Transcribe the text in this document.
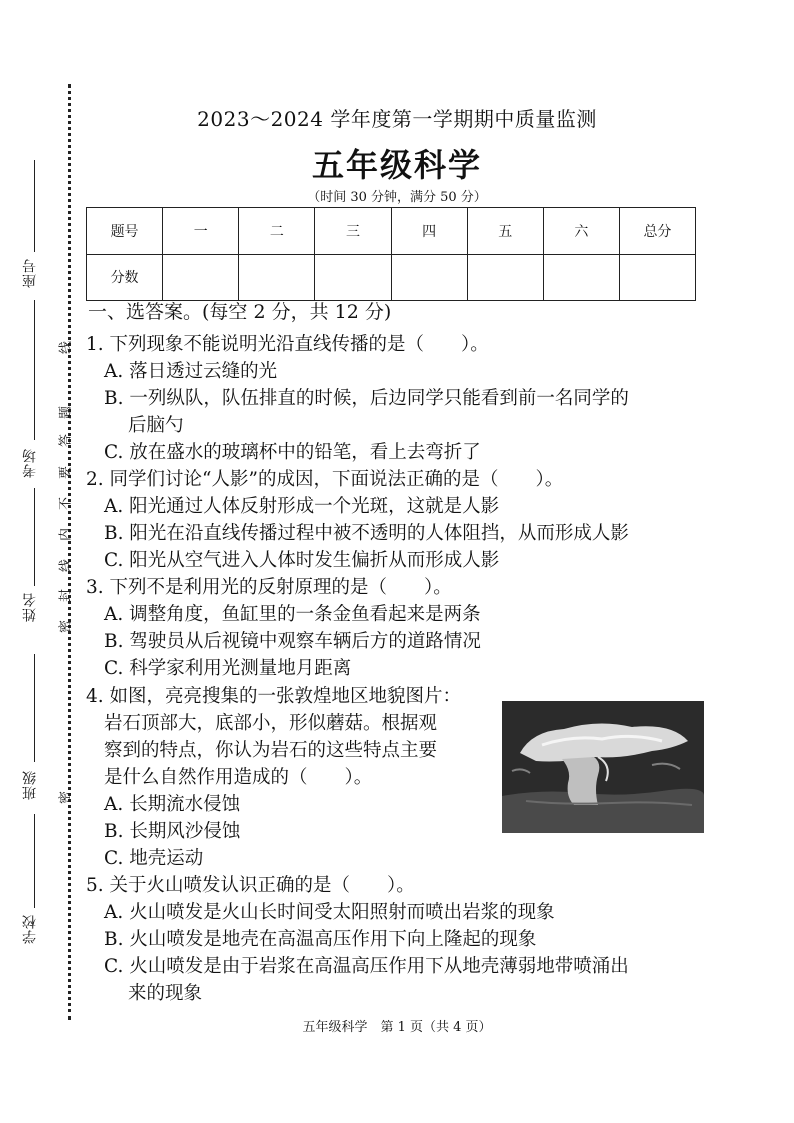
座号
考场
姓名
班级
学校
线
题
答
要
不
内
线
封
密
密
2023～2024 学年度第一学期期中质量监测
五年级科学
（时间 30 分钟，满分 50 分）
题号	一	二	三	四	五	六	总分
分数							
一、选答案。(每空 2 分，共 12 分)
1. 下列现象不能说明光沿直线传播的是（　　）。
A. 落日透过云缝的光
B. 一列纵队，队伍排直的时候，后边同学只能看到前一名同学的
后脑勺
C. 放在盛水的玻璃杯中的铅笔，看上去弯折了
2. 同学们讨论“人影”的成因，下面说法正确的是（　　）。
A. 阳光通过人体反射形成一个光斑，这就是人影
B. 阳光在沿直线传播过程中被不透明的人体阻挡，从而形成人影
C. 阳光从空气进入人体时发生偏折从而形成人影
3. 下列不是利用光的反射原理的是（　　）。
A. 调整角度，鱼缸里的一条金鱼看起来是两条
B. 驾驶员从后视镜中观察车辆后方的道路情况
C. 科学家利用光测量地月距离
4. 如图，亮亮搜集的一张敦煌地区地貌图片：
岩石顶部大，底部小，形似蘑菇。根据观
察到的特点，你认为岩石的这些特点主要
是什么自然作用造成的（　　）。
A. 长期流水侵蚀
B. 长期风沙侵蚀
C. 地壳运动
5. 关于火山喷发认识正确的是（　　）。
A. 火山喷发是火山长时间受太阳照射而喷出岩浆的现象
B. 火山喷发是地壳在高温高压作用下向上隆起的现象
C. 火山喷发是由于岩浆在高温高压作用下从地壳薄弱地带喷涌出
来的现象
五年级科学　第 1 页（共 4 页）
